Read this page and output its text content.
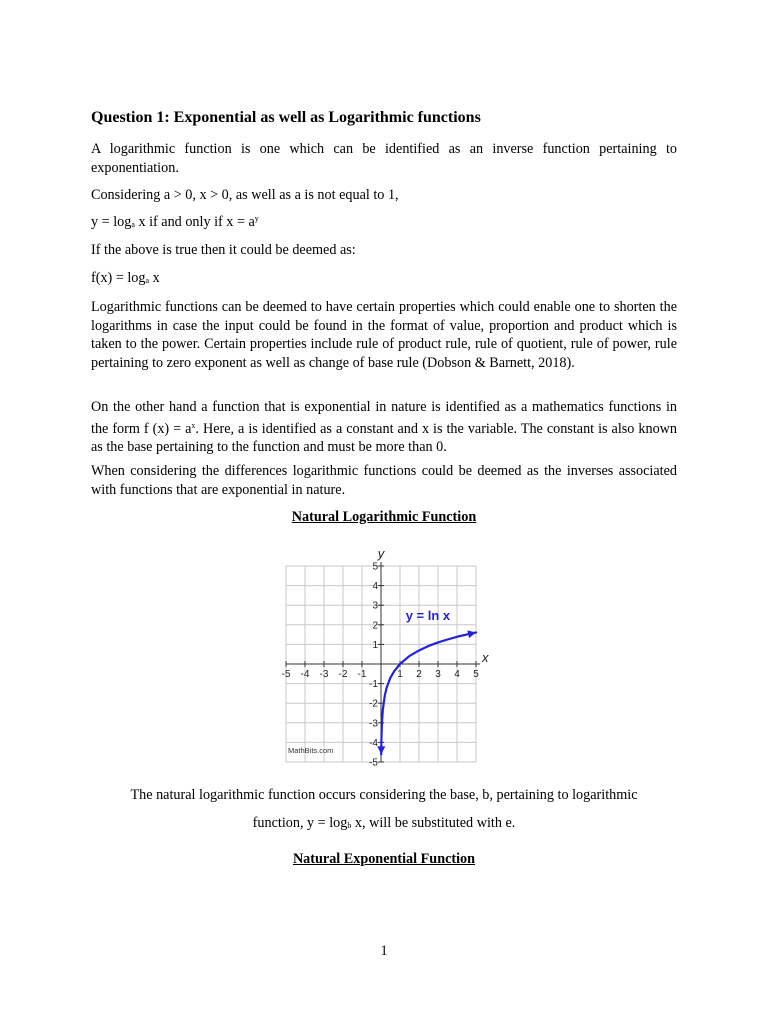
Question 1: Exponential as well as Logarithmic functions
A logarithmic function is one which can be identified as an inverse function pertaining to exponentiation.
Considering a > 0, x > 0, as well as a is not equal to 1,
$y = \log_a x$ if and only if $x = a^y$
If the above is true then it could be deemed as:
$f(x) = \log_a x$
Logarithmic functions can be deemed to have certain properties which could enable one to shorten the logarithms in case the input could be found in the format of value, proportion and product which is taken to the power. Certain properties include rule of product rule, rule of quotient, rule of power, rule pertaining to zero exponent as well as change of base rule (Dobson & Barnett, 2018).
On the other hand a function that is exponential in nature is identified as a mathematics functions in the form f $(x) = a^x$. Here, a is identified as a constant and x is the variable. The constant is also known as the base pertaining to the function and must be more than 0.
When considering the differences logarithmic functions could be deemed as the inverses associated with functions that are exponential in nature.
Natural Logarithmic Function
-5 -4 -3 -2 -1	1 2 3 4 5
5
4
3
2
1
-1
-2
-3
-4
-5
x
y
y = ln x
MathBits.com
The natural logarithmic function occurs considering the base, b, pertaining to logarithmic
function, $y = \log_b x$, will be substituted with e.
Natural Exponential Function
1
